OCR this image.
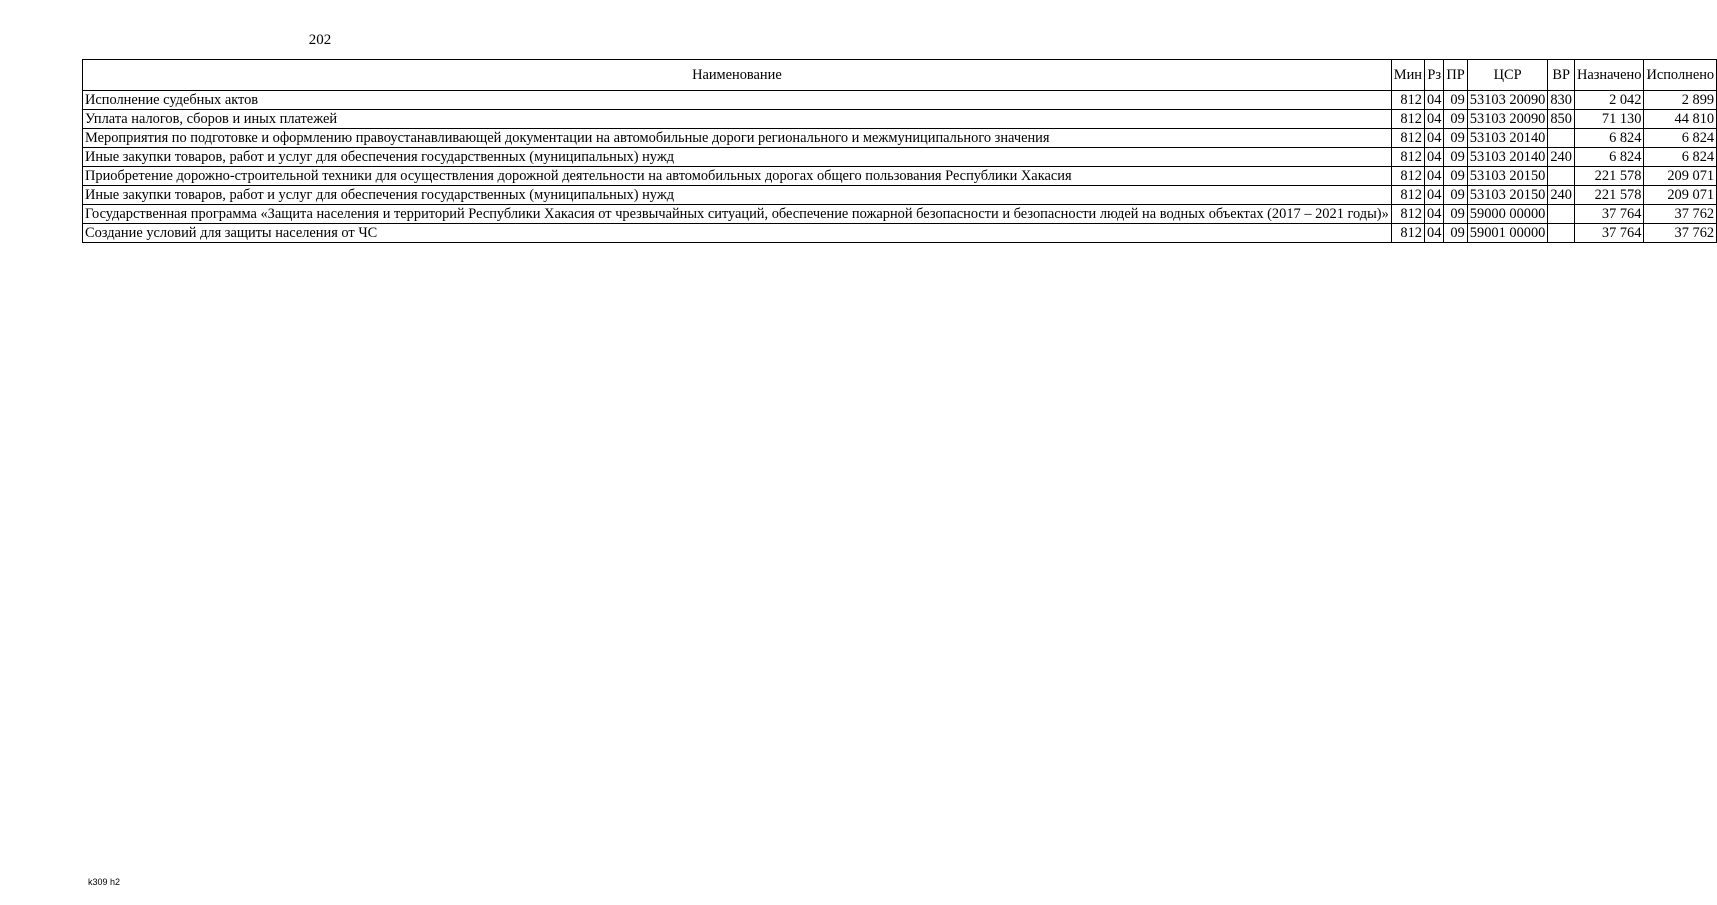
202
Наименование	Мин	Рз	ПР	ЦСР	ВР	Назначено	Исполнено
Исполнение судебных актов	812	04	09	53103 20090	830	2 042	2 899
Уплата налогов, сборов и иных платежей	812	04	09	53103 20090	850	71 130	44 810
Мероприятия по подготовке и оформлению правоустанавливающей документации на автомобильные дороги регионального и межмуниципального значения	812	04	09	53103 20140		6 824	6 824
Иные закупки товаров, работ и услуг для обеспечения государственных (муниципальных) нужд	812	04	09	53103 20140	240	6 824	6 824
Приобретение дорожно-строительной техники для осуществления дорожной деятельности на автомобильных дорогах общего пользования Республики Хакасия	812	04	09	53103 20150		221 578	209 071
Иные закупки товаров, работ и услуг для обеспечения государственных (муниципальных) нужд	812	04	09	53103 20150	240	221 578	209 071
Государственная программа «Защита населения и территорий Республики Хакасия от чрезвычайных ситуаций, обеспечение пожарной безопасности и безопасности людей на водных объектах (2017 – 2021 годы)»	812	04	09	59000 00000		37 764	37 762
Создание условий для защиты населения от ЧС	812	04	09	59001 00000		37 764	37 762
k309 h2
